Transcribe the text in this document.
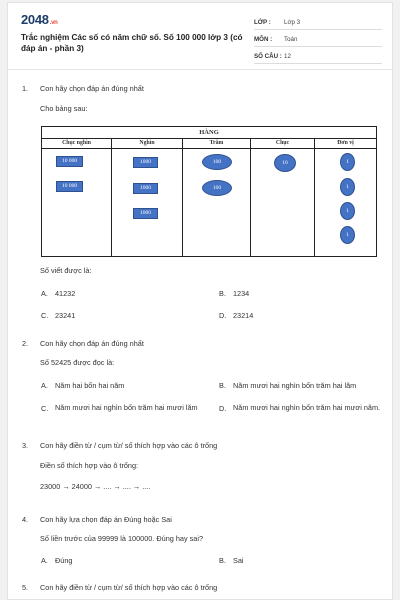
2048.vn
Trắc nghiệm Các số có năm chữ số. Số 100 000 lớp 3 (có đáp án - phần 3)
LỚP :	Lớp 3
MÔN :	Toán
SỐ CÂU : 12
1. Con hãy chọn đáp án đúng nhất
Cho bảng sau:
HÀNG
Chục nghìn
10 000
10 000
Nghìn
1000
1000
1000
Trăm
100
100
Chục
10
Đơn vị
1
1
1
1
Số viết được là:
A. 41232	B. 1234
C. 23241	D. 23214
2. Con hãy chọn đáp án đúng nhất
Số 52425 được đọc là:
A. Năm hai bốn hai năm	B. Năm mươi hai nghìn bốn trăm hai lăm
C. Năm mươi hai nghìn bốn trăm hai mươi lăm	D. Năm mươi hai nghìn bốn trăm hai mươi năm.
3. Con hãy điền từ / cụm từ/ số thích hợp vào các ô trống
Điền số thích hợp vào ô trống:
23000 → 24000 → .... → .... → ....
4. Con hãy lựa chọn đáp án Đúng hoặc Sai
Số liền trước của 99999 là 100000. Đúng hay sai?
A. Đúng	B. Sai
5. Con hãy điền từ / cụm từ/ số thích hợp vào các ô trống
